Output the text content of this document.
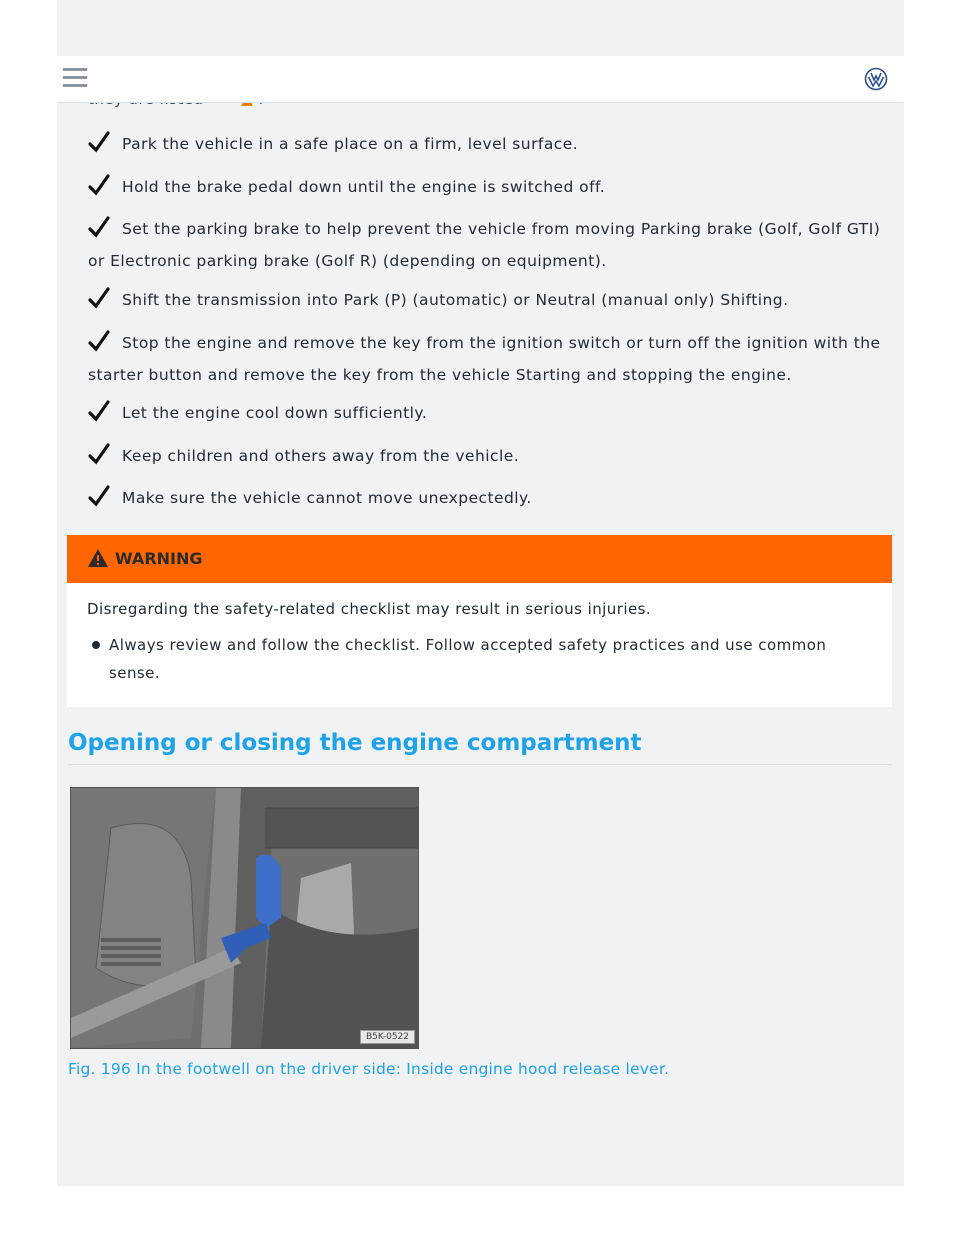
Park the vehicle in a safe place on a firm, level surface.
Hold the brake pedal down until the engine is switched off.
Set the parking brake to help prevent the vehicle from moving Parking brake (Golf, Golf GTI) or Electronic parking brake (Golf R) (depending on equipment).
Shift the transmission into Park (P) (automatic) or Neutral (manual only) Shifting.
Stop the engine and remove the key from the ignition switch or turn off the ignition with the starter button and remove the key from the vehicle Starting and stopping the engine.
Let the engine cool down sufficiently.
Keep children and others away from the vehicle.
Make sure the vehicle cannot move unexpectedly.
WARNING
Disregarding the safety-related checklist may result in serious injuries.
Always review and follow the checklist. Follow accepted safety practices and use common sense.
Opening or closing the engine compartment
B5K-0522
Fig. 196 In the footwell on the driver side: Inside engine hood release lever.
